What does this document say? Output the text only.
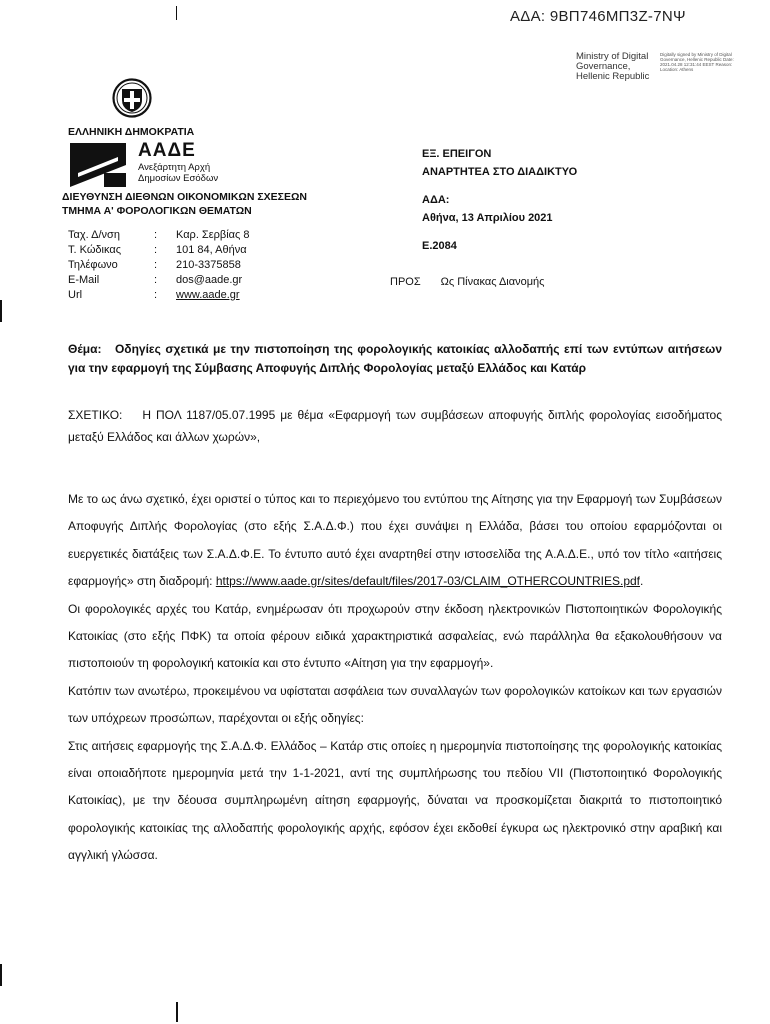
ΑΔΑ: 9ΒΠ746ΜΠ3Ζ-7ΝΨ
Ministry of Digital
Governance,
Hellenic Republic
Digitally signed by Ministry of Digital Governance, Hellenic Republic Date: 2021.04.28 12:31:44 EEST Reason: Location: Athens
ΕΛΛΗΝΙΚΗ ΔΗΜΟΚΡΑΤΙΑ
ΑΑΔΕ
Ανεξάρτητη Αρχή
Δημοσίων Εσόδων
ΔΙΕΥΘΥΝΣΗ ΔΙΕΘΝΩΝ ΟΙΚΟΝΟΜΙΚΩΝ ΣΧΕΣΕΩΝ
ΤΜΗΜΑ Α' ΦΟΡΟΛΟΓΙΚΩΝ ΘΕΜΑΤΩΝ
ΕΞ. ΕΠΕΙΓΟΝ
ΑΝΑΡΤΗΤΕΑ ΣΤΟ ΔΙΑΔΙΚΤΥΟ
ΑΔΑ:
Αθήνα, 13 Απριλίου 2021
Ε.2084
Ταχ. Δ/νση	:	Καρ. Σερβίας 8
Τ. Κώδικας	:	101 84, Αθήνα
Τηλέφωνο	:	210-3375858
E-Mail	:	dos@aade.gr
Url	:	www.aade.gr
ΠΡΟΣ Ως Πίνακας Διανομής
Θέμα: Οδηγίες σχετικά με την πιστοποίηση της φορολογικής κατοικίας αλλοδαπής επί των εντύπων αιτήσεων για την εφαρμογή της Σύμβασης Αποφυγής Διπλής Φορολογίας μεταξύ Ελλάδος και Κατάρ
ΣΧΕΤΙΚΟ: Η ΠΟΛ 1187/05.07.1995 με θέμα «Εφαρμογή των συμβάσεων αποφυγής διπλής φορολογίας εισοδήματος μεταξύ Ελλάδος και άλλων χωρών»,

Με το ως άνω σχετικό, έχει οριστεί ο τύπος και το περιεχόμενο του εντύπου της Αίτησης για την Εφαρμογή των Συμβάσεων Αποφυγής Διπλής Φορολογίας (στο εξής Σ.Α.Δ.Φ.) που έχει συνάψει η Ελλάδα, βάσει του οποίου εφαρμόζονται οι ευεργετικές διατάξεις των Σ.Α.Δ.Φ.Ε. Το έντυπο αυτό έχει αναρτηθεί στην ιστοσελίδα της Α.Α.Δ.Ε., υπό τον τίτλο «αιτήσεις εφαρμογής» στη διαδρομή: https://www.aade.gr/sites/default/files/2017-03/CLAIM_OTHERCOUNTRIES.pdf.

Οι φορολογικές αρχές του Κατάρ, ενημέρωσαν ότι προχωρούν στην έκδοση ηλεκτρονικών Πιστοποιητικών Φορολογικής Κατοικίας (στο εξής ΠΦΚ) τα οποία φέρουν ειδικά χαρακτηριστικά ασφαλείας, ενώ παράλληλα θα εξακολουθήσουν να πιστοποιούν τη φορολογική κατοικία και στο έντυπο «Αίτηση για την εφαρμογή».

Κατόπιν των ανωτέρω, προκειμένου να υφίσταται ασφάλεια των συναλλαγών των φορολογικών κατοίκων και των εργασιών των υπόχρεων προσώπων, παρέχονται οι εξής οδηγίες:

Στις αιτήσεις εφαρμογής της Σ.Α.Δ.Φ. Ελλάδος – Κατάρ στις οποίες η ημερομηνία πιστοποίησης της φορολογικής κατοικίας είναι οποιαδήποτε ημερομηνία μετά την 1-1-2021, αντί της συμπλήρωσης του πεδίου VII (Πιστοποιητικό Φορολογικής Κατοικίας), με την δέουσα συμπληρωμένη αίτηση εφαρμογής, δύναται να προσκομίζεται διακριτά το πιστοποιητικό φορολογικής κατοικίας της αλλοδαπής φορολογικής αρχής, εφόσον έχει εκδοθεί έγκυρα ως ηλεκτρονικό στην αραβική και αγγλική γλώσσα.
